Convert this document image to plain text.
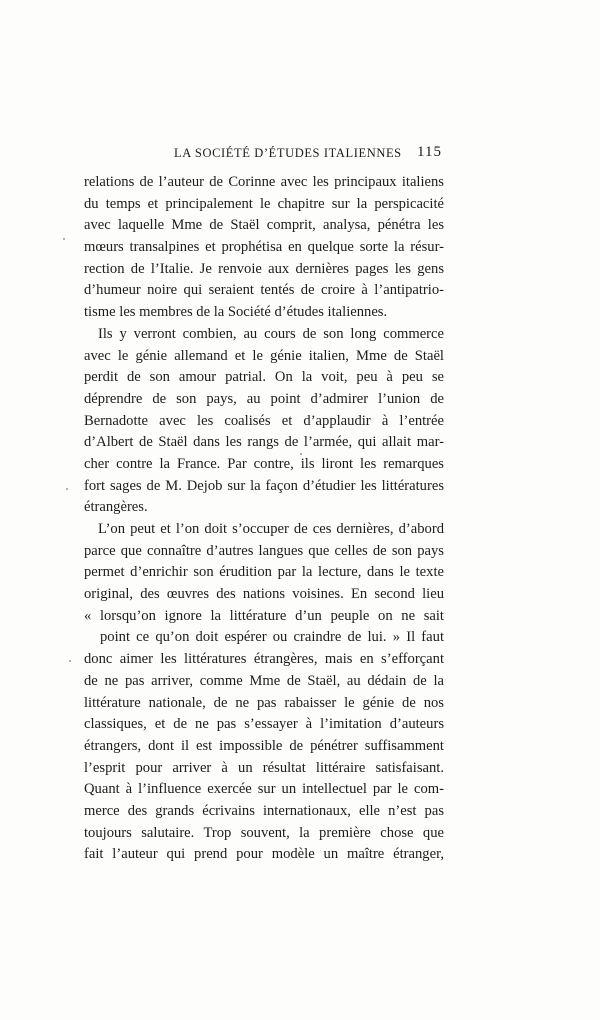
LA SOCIÉTÉ D’ÉTUDES ITALIENNES 115
relations de l’auteur de Corinne avec les principaux italiens
du temps et principalement le chapitre sur la perspicacité
avec laquelle Mme de Staël comprit, analysa, pénétra les
mœurs transalpines et prophétisa en quelque sorte la résur-
rection de l’Italie. Je renvoie aux dernières pages les gens
d’humeur noire qui seraient tentés de croire à l’antipatrio-
tisme les membres de la Société d’études italiennes.
Ils y verront combien, au cours de son long commerce
avec le génie allemand et le génie italien, Mme de Staël
perdit de son amour patrial. On la voit, peu à peu se
déprendre de son pays, au point d’admirer l’union de
Bernadotte avec les coalisés et d’applaudir à l’entrée
d’Albert de Staël dans les rangs de l’armée, qui allait mar-
cher contre la France. Par contre, ils liront les remarques
fort sages de M. Dejob sur la façon d’étudier les littératures
étrangères.
L’on peut et l’on doit s’occuper de ces dernières, d’abord
parce que connaître d’autres langues que celles de son pays
permet d’enrichir son érudition par la lecture, dans le texte
original, des œuvres des nations voisines. En second lieu
« lorsqu’on ignore la littérature d’un peuple on ne sait
point ce qu’on doit espérer ou craindre de lui. » Il faut
donc aimer les littératures étrangères, mais en s’efforçant
de ne pas arriver, comme Mme de Staël, au dédain de la
littérature nationale, de ne pas rabaisser le génie de nos
classiques, et de ne pas s’essayer à l’imitation d’auteurs
étrangers, dont il est impossible de pénétrer suffisamment
l’esprit pour arriver à un résultat littéraire satisfaisant.
Quant à l’influence exercée sur un intellectuel par le com-
merce des grands écrivains internationaux, elle n’est pas
toujours salutaire. Trop souvent, la première chose que
fait l’auteur qui prend pour modèle un maître étranger,
